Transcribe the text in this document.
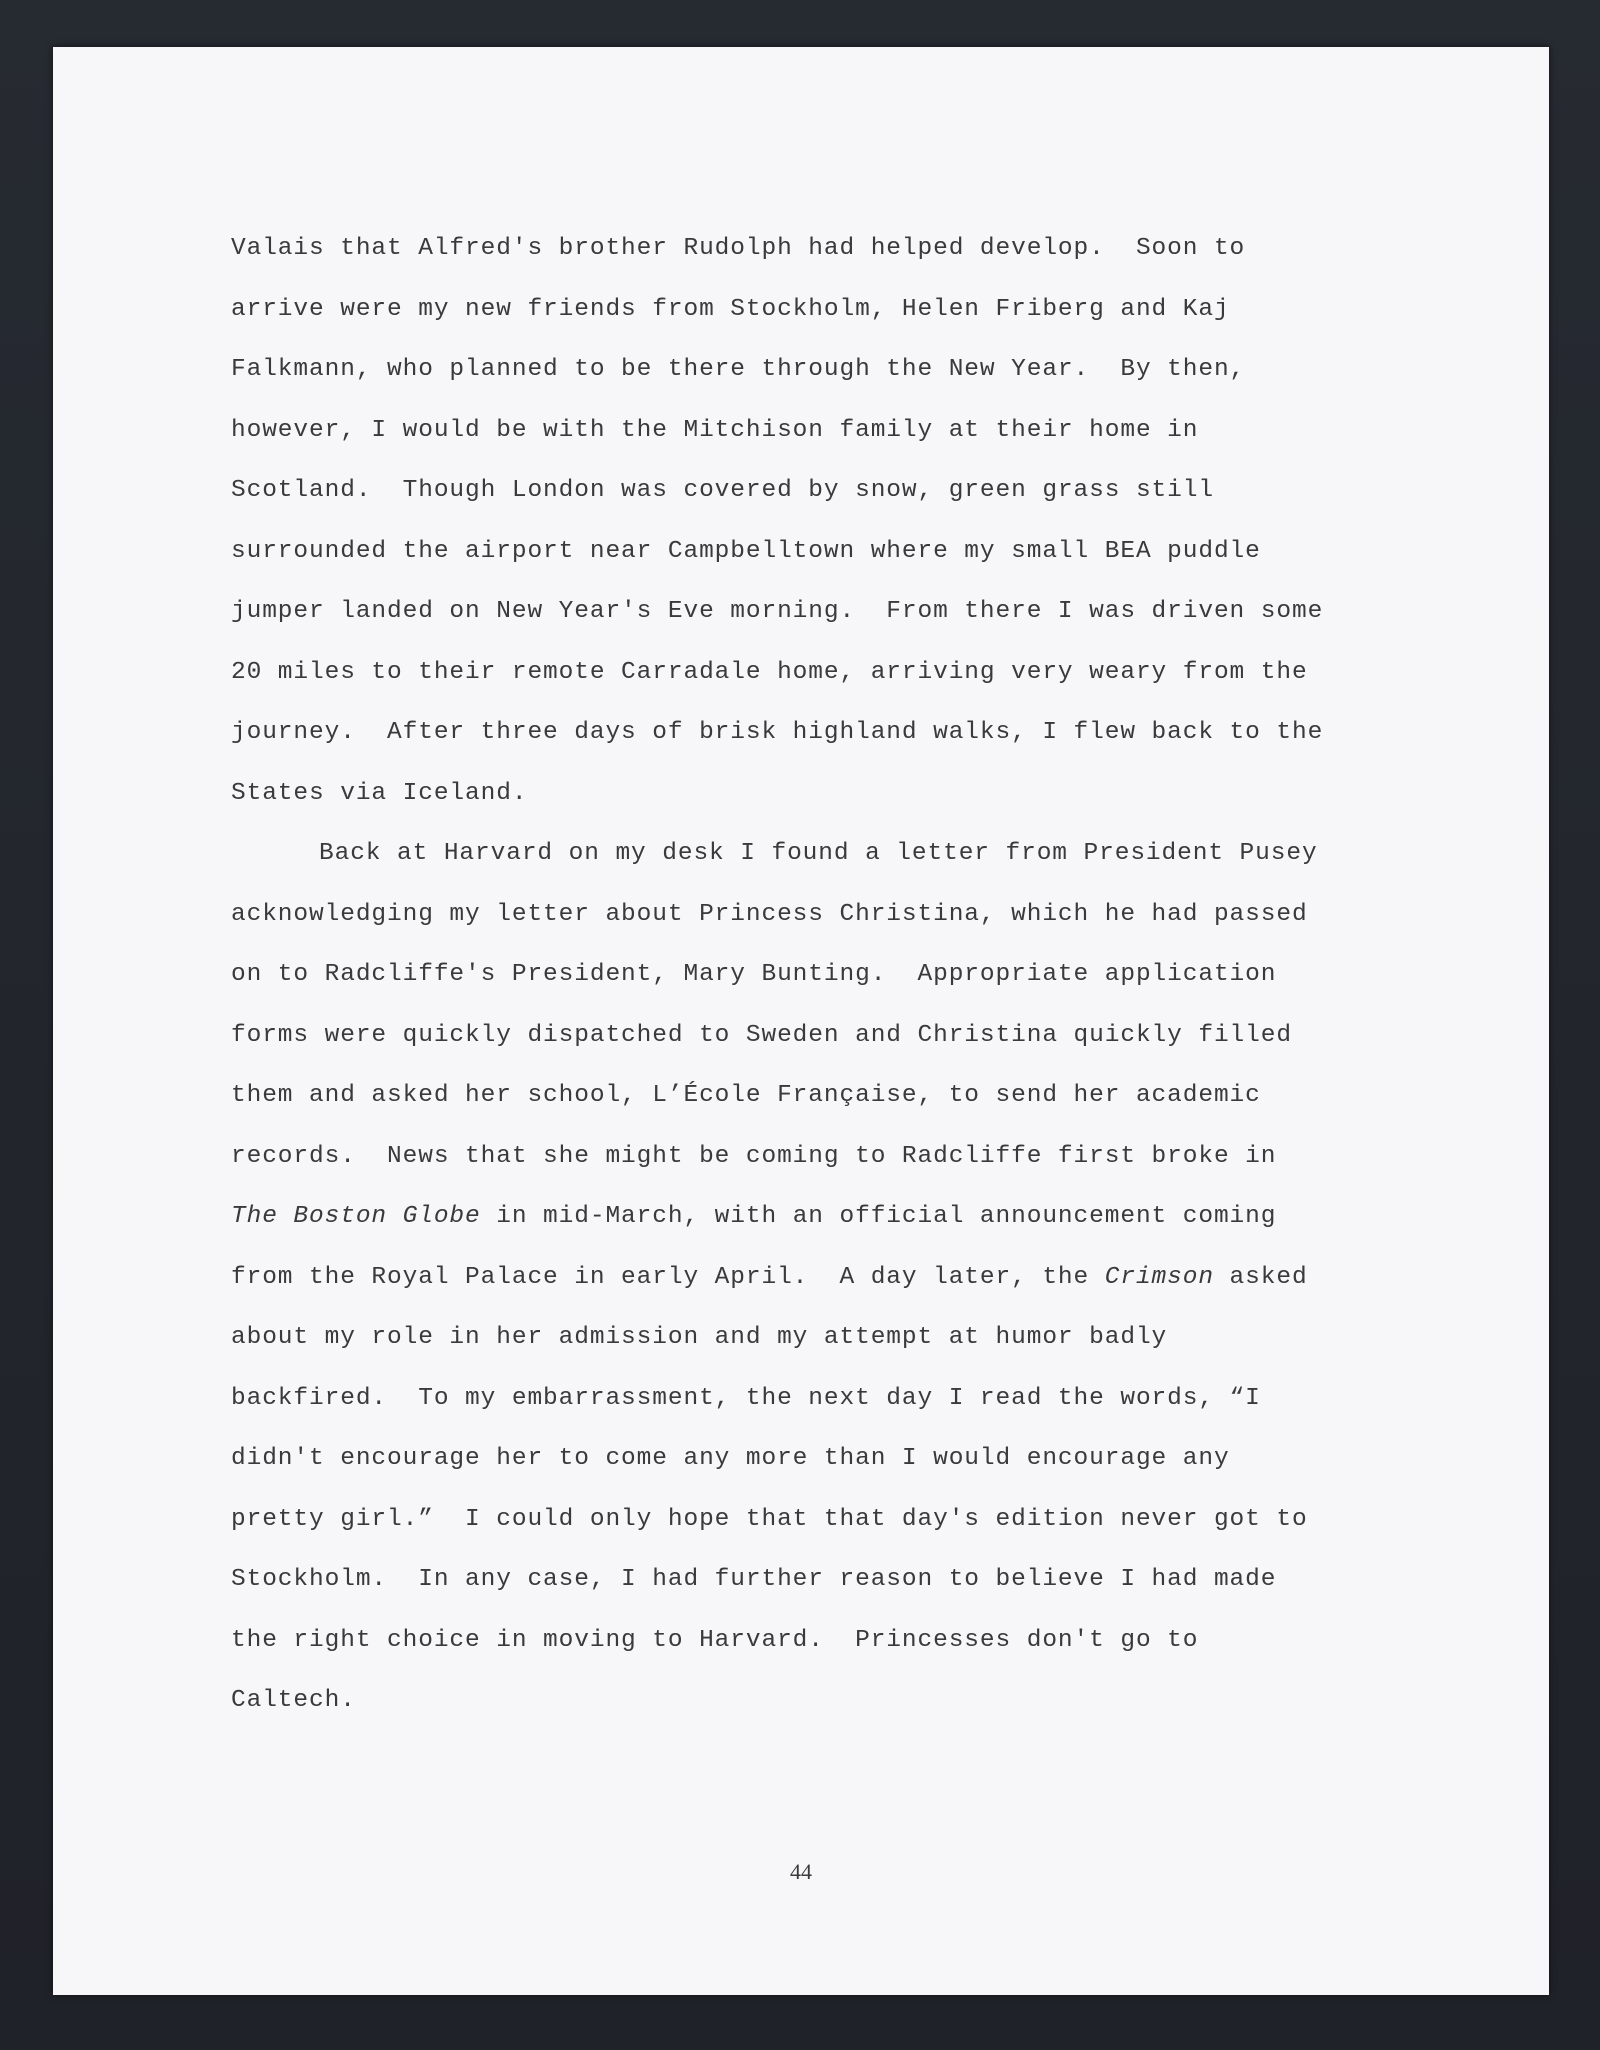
Valais that Alfred's brother Rudolph had helped develop.  Soon to
arrive were my new friends from Stockholm, Helen Friberg and Kaj
Falkmann, who planned to be there through the New Year.  By then,
however, I would be with the Mitchison family at their home in
Scotland.  Though London was covered by snow, green grass still
surrounded the airport near Campbelltown where my small BEA puddle
jumper landed on New Year's Eve morning.  From there I was driven some
20 miles to their remote Carradale home, arriving very weary from the
journey.  After three days of brisk highland walks, I flew back to the
States via Iceland.
Back at Harvard on my desk I found a letter from President Pusey
acknowledging my letter about Princess Christina, which he had passed
on to Radcliffe's President, Mary Bunting.  Appropriate application
forms were quickly dispatched to Sweden and Christina quickly filled
them and asked her school, L’École Française, to send her academic
records.  News that she might be coming to Radcliffe first broke in
The Boston Globe in mid-March, with an official announcement coming
from the Royal Palace in early April.  A day later, the Crimson asked
about my role in her admission and my attempt at humor badly
backfired.  To my embarrassment, the next day I read the words, “I
didn't encourage her to come any more than I would encourage any
pretty girl.”  I could only hope that that day's edition never got to
Stockholm.  In any case, I had further reason to believe I had made
the right choice in moving to Harvard.  Princesses don't go to
Caltech.
44
